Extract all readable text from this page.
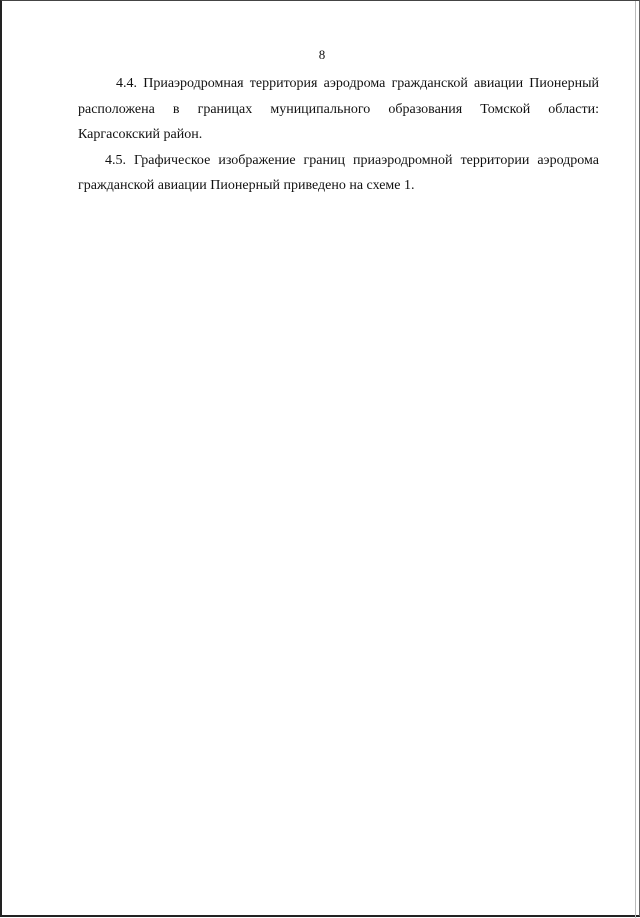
8

4.4. Приаэродромная территория аэродрома гражданской авиации Пионерный
расположена в границах муниципального образования Томской области:
Каргасокский район.

4.5. Графическое изображение границ приаэродромной территории аэродрома
гражданской авиации Пионерный приведено на схеме 1.
